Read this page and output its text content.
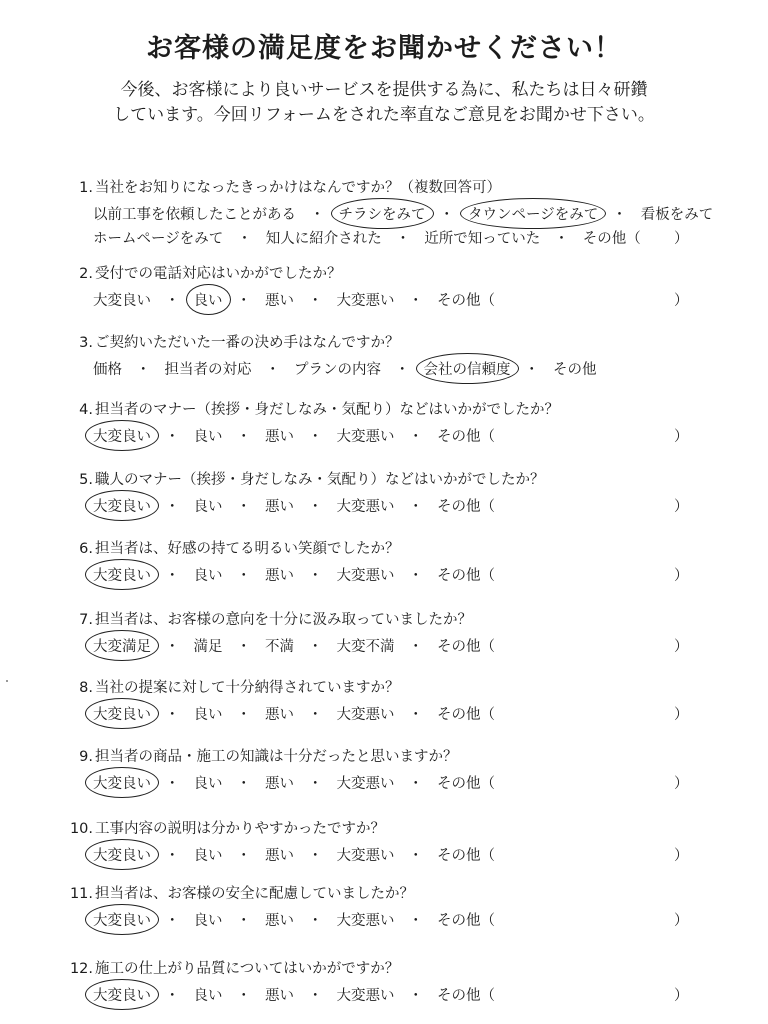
お客様の満足度をお聞かせください！

今後、お客様により良いサービスを提供する為に、私たちは日々研鑽
しています。今回リフォームをされた率直なご意見をお聞かせ下さい。

1. 当社をお知りになったきっかけはなんですか？（複数回答可）
以前工事を依頼したことがある ・ チラシをみて ・ タウンページをみて ・ 看板をみて
ホームページをみて ・ 知人に紹介された ・ 近所で知っていた ・ その他（ ）
2. 受付での電話対応はいかがでしたか？
大変良い ・ 良い ・ 悪い ・ 大変悪い ・ その他（	）
3. ご契約いただいた一番の決め手はなんですか？
価格 ・ 担当者の対応 ・ プランの内容 ・ 会社の信頼度 ・ その他
4. 担当者のマナー（挨拶・身だしなみ・気配り）などはいかがでしたか？
大変良い ・ 良い ・ 悪い ・ 大変悪い ・ その他（	）
5. 職人のマナー（挨拶・身だしなみ・気配り）などはいかがでしたか？
大変良い ・ 良い ・ 悪い ・ 大変悪い ・ その他（	）
6. 担当者は、好感の持てる明るい笑顔でしたか？
大変良い ・ 良い ・ 悪い ・ 大変悪い ・ その他（	）
7. 担当者は、お客様の意向を十分に汲み取っていましたか？
大変満足 ・ 満足 ・ 不満 ・ 大変不満 ・ その他（	）
8. 当社の提案に対して十分納得されていますか？
大変良い ・ 良い ・ 悪い ・ 大変悪い ・ その他（	）
9. 担当者の商品・施工の知識は十分だったと思いますか？
大変良い ・ 良い ・ 悪い ・ 大変悪い ・ その他（	）
10. 工事内容の説明は分かりやすかったですか？
大変良い ・ 良い ・ 悪い ・ 大変悪い ・ その他（	）
11. 担当者は、お客様の安全に配慮していましたか？
大変良い ・ 良い ・ 悪い ・ 大変悪い ・ その他（	）
12. 施工の仕上がり品質についてはいかがですか？
大変良い ・ 良い ・ 悪い ・ 大変悪い ・ その他（	）
